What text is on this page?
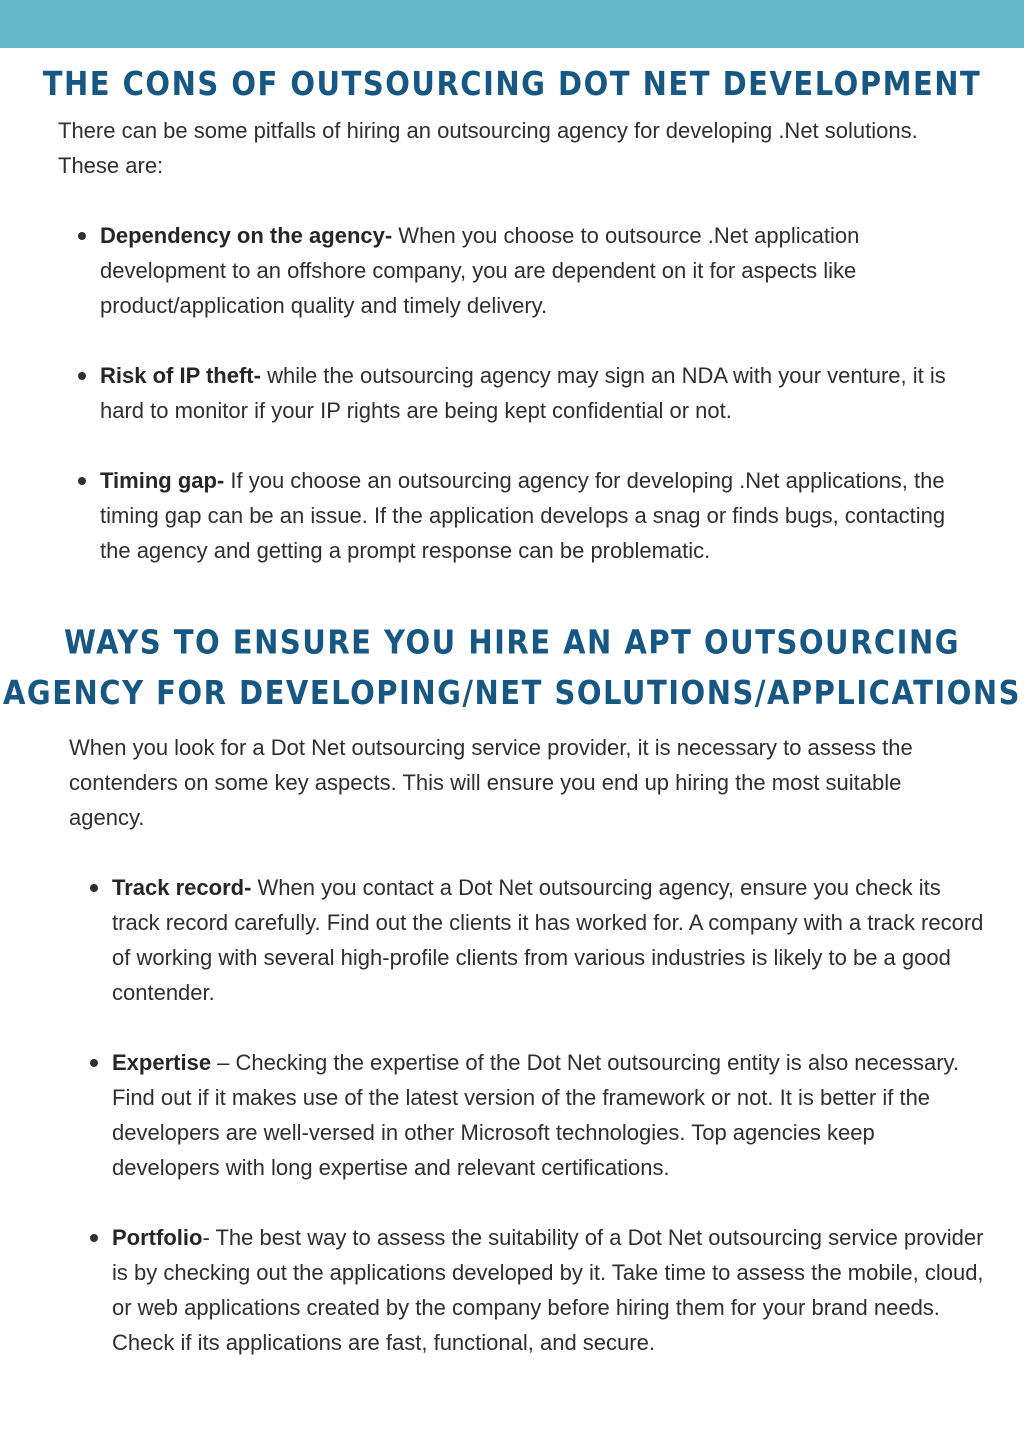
THE CONS OF OUTSOURCING DOT NET DEVELOPMENT

There can be some pitfalls of hiring an outsourcing agency for developing .Net solutions. These are:

Dependency on the agency- When you choose to outsource .Net application development to an offshore company, you are dependent on it for aspects like product/application quality and timely delivery.
Risk of IP theft- while the outsourcing agency may sign an NDA with your venture, it is hard to monitor if your IP rights are being kept confidential or not.
Timing gap- If you choose an outsourcing agency for developing .Net applications, the timing gap can be an issue. If the application develops a snag or finds bugs, contacting the agency and getting a prompt response can be problematic.
WAYS TO ENSURE YOU HIRE AN APT OUTSOURCING AGENCY FOR DEVELOPING/NET SOLUTIONS/APPLICATIONS

When you look for a Dot Net outsourcing service provider, it is necessary to assess the contenders on some key aspects. This will ensure you end up hiring the most suitable agency.

Track record- When you contact a Dot Net outsourcing agency, ensure you check its track record carefully. Find out the clients it has worked for. A company with a track record of working with several high-profile clients from various industries is likely to be a good contender.
Expertise – Checking the expertise of the Dot Net outsourcing entity is also necessary. Find out if it makes use of the latest version of the framework or not. It is better if the developers are well-versed in other Microsoft technologies. Top agencies keep developers with long expertise and relevant certifications.
Portfolio- The best way to assess the suitability of a Dot Net outsourcing service provider is by checking out the applications developed by it. Take time to assess the mobile, cloud, or web applications created by the company before hiring them for your brand needs. Check if its applications are fast, functional, and secure.
